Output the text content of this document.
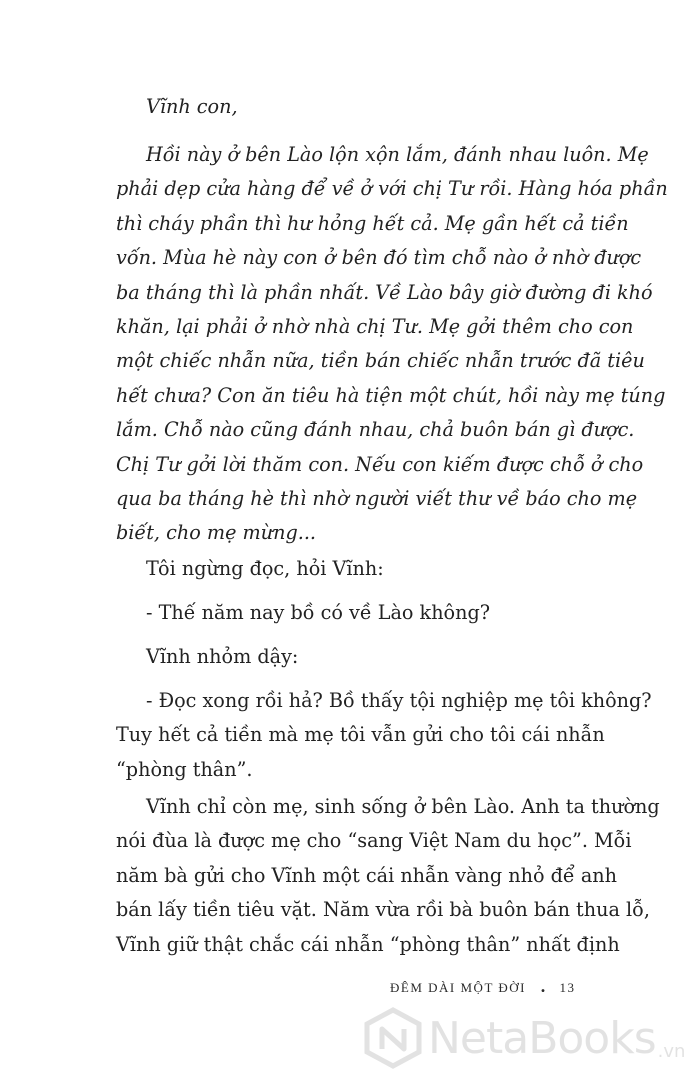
Vĩnh con,

Hồi này ở bên Lào lộn xộn lắm, đánh nhau luôn. Mẹ
phải dẹp cửa hàng để về ở với chị Tư rồi. Hàng hóa phần
thì cháy phần thì hư hỏng hết cả. Mẹ gần hết cả tiền
vốn. Mùa hè này con ở bên đó tìm chỗ nào ở nhờ được
ba tháng thì là phần nhất. Về Lào bây giờ đường đi khó
khăn, lại phải ở nhờ nhà chị Tư. Mẹ gởi thêm cho con
một chiếc nhẫn nữa, tiền bán chiếc nhẫn trước đã tiêu
hết chưa? Con ăn tiêu hà tiện một chút, hồi này mẹ túng
lắm. Chỗ nào cũng đánh nhau, chả buôn bán gì được.
Chị Tư gởi lời thăm con. Nếu con kiếm được chỗ ở cho
qua ba tháng hè thì nhờ người viết thư về báo cho mẹ
biết, cho mẹ mừng...

Tôi ngừng đọc, hỏi Vĩnh:

- Thế năm nay bồ có về Lào không?

Vĩnh nhỏm dậy:

- Đọc xong rồi hả? Bồ thấy tội nghiệp mẹ tôi không?
Tuy hết cả tiền mà mẹ tôi vẫn gửi cho tôi cái nhẫn
“phòng thân”.

Vĩnh chỉ còn mẹ, sinh sống ở bên Lào. Anh ta thường
nói đùa là được mẹ cho “sang Việt Nam du học”. Mỗi
năm bà gửi cho Vĩnh một cái nhẫn vàng nhỏ để anh
bán lấy tiền tiêu vặt. Năm vừa rồi bà buôn bán thua lỗ,
Vĩnh giữ thật chắc cái nhẫn “phòng thân” nhất định

ĐÊM DÀI MỘT ĐỜI . 13
NetaBooks .vn
